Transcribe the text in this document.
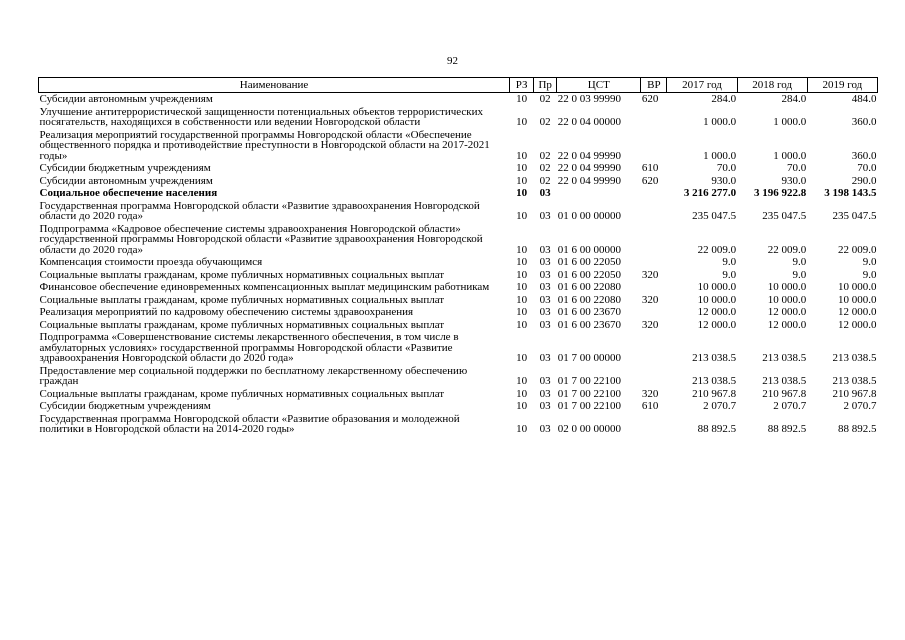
92
Наименование	РЗ	Пр	ЦСТ	ВР	2017 год	2018 год	2019 год
Субсидии автономным учреждениям	10	02	22 0 03 99990	620	284.0	284.0	484.0
Улучшение антитеррористической защищенности потенциальных объектов террористических посягательств, находящихся в собственности или ведении Новгородской области	10	02	22 0 04 00000		1 000.0	1 000.0	360.0
Реализация мероприятий государственной программы Новгородской области «Обеспечение общественного порядка и противодействие преступности в Новгородской области на 2017-2021 годы»	10	02	22 0 04 99990		1 000.0	1 000.0	360.0
Субсидии бюджетным учреждениям	10	02	22 0 04 99990	610	70.0	70.0	70.0
Субсидии автономным учреждениям	10	02	22 0 04 99990	620	930.0	930.0	290.0
Социальное обеспечение населения	10	03			3 216 277.0	3 196 922.8	3 198 143.5
Государственная программа Новгородской области «Развитие здравоохранения Новгородской области до 2020 года»	10	03	01 0 00 00000		235 047.5	235 047.5	235 047.5
Подпрограмма «Кадровое обеспечение системы здравоохранения Новгородской области» государственной программы Новгородской области «Развитие здравоохранения Новгородской области до 2020 года»	10	03	01 6 00 00000		22 009.0	22 009.0	22 009.0
Компенсация стоимости проезда обучающимся	10	03	01 6 00 22050		9.0	9.0	9.0
Социальные выплаты гражданам, кроме публичных нормативных социальных выплат	10	03	01 6 00 22050	320	9.0	9.0	9.0
Финансовое обеспечение единовременных компенсационных выплат медицинским работникам	10	03	01 6 00 22080		10 000.0	10 000.0	10 000.0
Социальные выплаты гражданам, кроме публичных нормативных социальных выплат	10	03	01 6 00 22080	320	10 000.0	10 000.0	10 000.0
Реализация мероприятий по кадровому обеспечению системы здравоохранения	10	03	01 6 00 23670		12 000.0	12 000.0	12 000.0
Социальные выплаты гражданам, кроме публичных нормативных социальных выплат	10	03	01 6 00 23670	320	12 000.0	12 000.0	12 000.0
Подпрограмма «Совершенствование системы лекарственного обеспечения, в том числе в амбулаторных условиях» государственной программы Новгородской области «Развитие здравоохранения Новгородской области до 2020 года»	10	03	01 7 00 00000		213 038.5	213 038.5	213 038.5
Предоставление мер социальной поддержки по бесплатному лекарственному обеспечению граждан	10	03	01 7 00 22100		213 038.5	213 038.5	213 038.5
Социальные выплаты гражданам, кроме публичных нормативных социальных выплат	10	03	01 7 00 22100	320	210 967.8	210 967.8	210 967.8
Субсидии бюджетным учреждениям	10	03	01 7 00 22100	610	2 070.7	2 070.7	2 070.7
Государственная программа Новгородской области «Развитие образования и молодежной политики в Новгородской области на 2014-2020 годы»	10	03	02 0 00 00000		88 892.5	88 892.5	88 892.5
